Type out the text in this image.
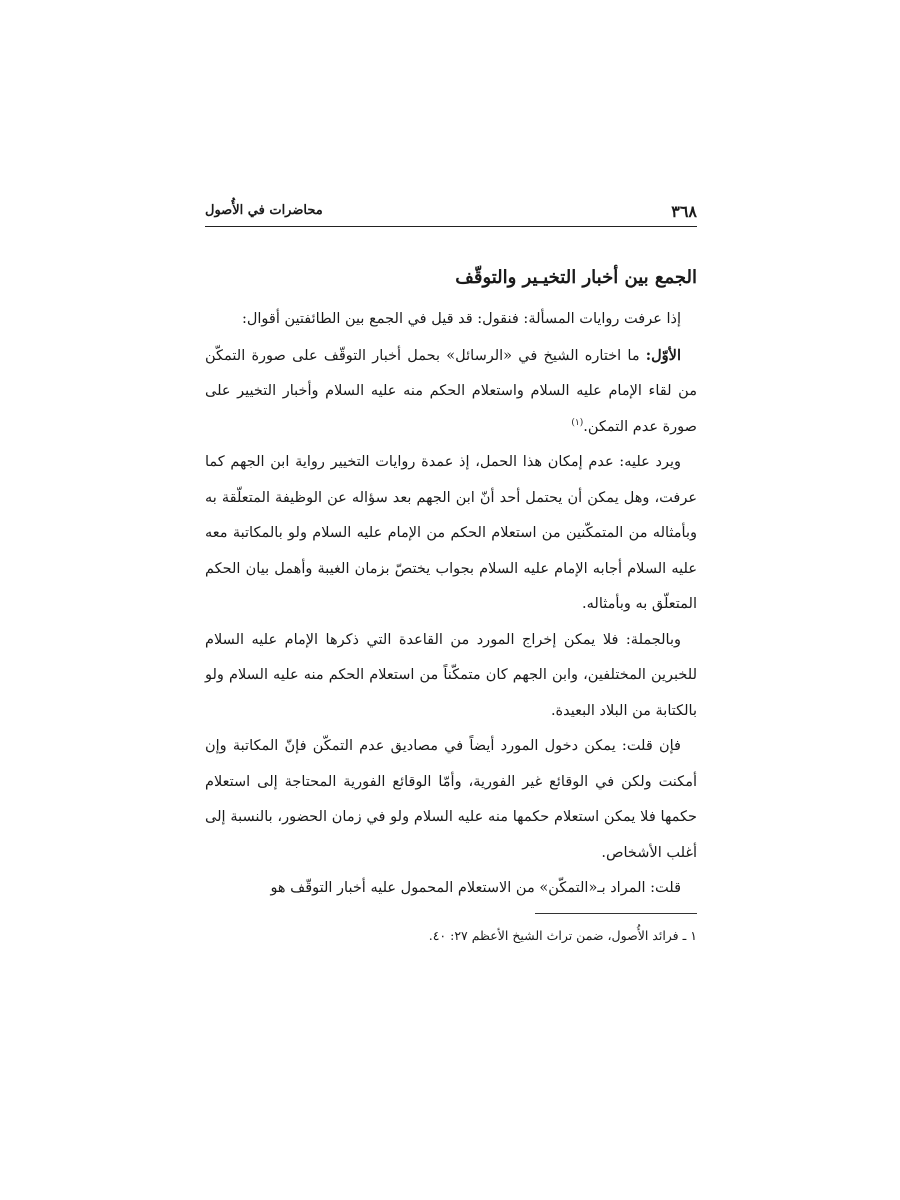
٣٦٨
محاضرات في الأُصول
الجمع بين أخبار التخيـير والتوقّف

إذا عرفت روايات المسألة: فنقول: قد قيل في الجمع بين الطائفتين أقوال:

الأوّل: ما اختاره الشيخ في «الرسائل» بحمل أخبار التوقّف على صورة التمكّن من لقاء الإمام عليه السلام واستعلام الحكم منه عليه السلام وأخبار التخيير على صورة عدم التمكن.$^{(١)}$

ويرد عليه: عدم إمكان هذا الحمل، إذ عمدة روايات التخيير رواية ابن الجهم كما عرفت، وهل يمكن أن يحتمل أحد أنّ ابن الجهم بعد سؤاله عن الوظيفة المتعلّقة به وبأمثاله من المتمكّنين من استعلام الحكم من الإمام عليه السلام ولو بالمكاتبة معه عليه السلام أجابه الإمام عليه السلام بجواب يختصّ بزمان الغيبة وأهمل بيان الحكم المتعلّق به وبأمثاله.

وبالجملة: فلا يمكن إخراج المورد من القاعدة التي ذكرها الإمام عليه السلام للخبرين المختلفين، وابن الجهم كان متمكّناً من استعلام الحكم منه عليه السلام ولو بالكتابة من البلاد البعيدة.

فإن قلت: يمكن دخول المورد أيضاً في مصاديق عدم التمكّن فإنّ المكاتبة وإن أمكنت ولكن في الوقائع غير الفورية، وأمّا الوقائع الفورية المحتاجة إلى استعلام حكمها فلا يمكن استعلام حكمها منه عليه السلام ولو في زمان الحضور، بالنسبة إلى أغلب الأشخاص.

قلت: المراد بـ«التمكّن» من الاستعلام المحمول عليه أخبار التوقّف هو

١ ـ فرائد الأُصول، ضمن تراث الشيخ الأعظم ٢٧: ٤٠.
